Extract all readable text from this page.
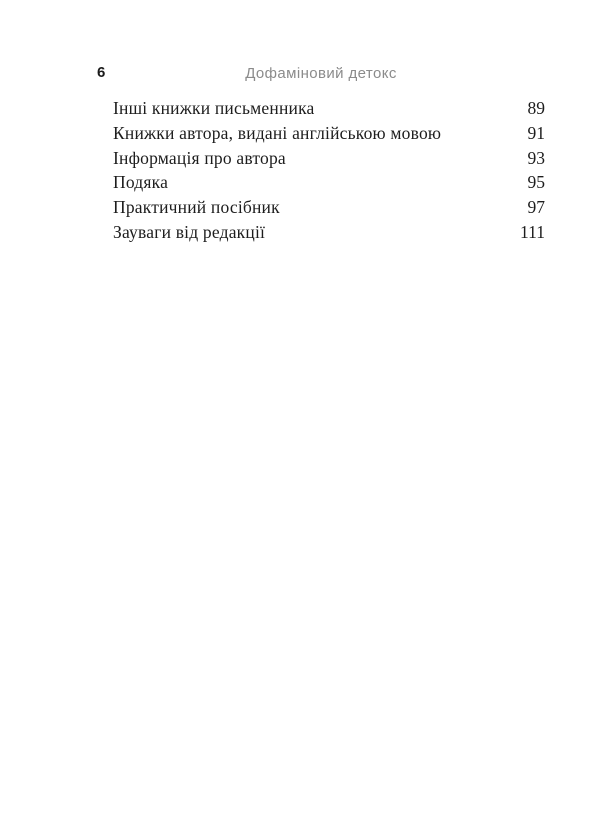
6	Дофаміновий детокс
Інші книжки письменника	89
Книжки автора, видані англійською мовою	91
Інформація про автора	93
Подяка	95
Практичний посібник	97
Зауваги від редакції	111
